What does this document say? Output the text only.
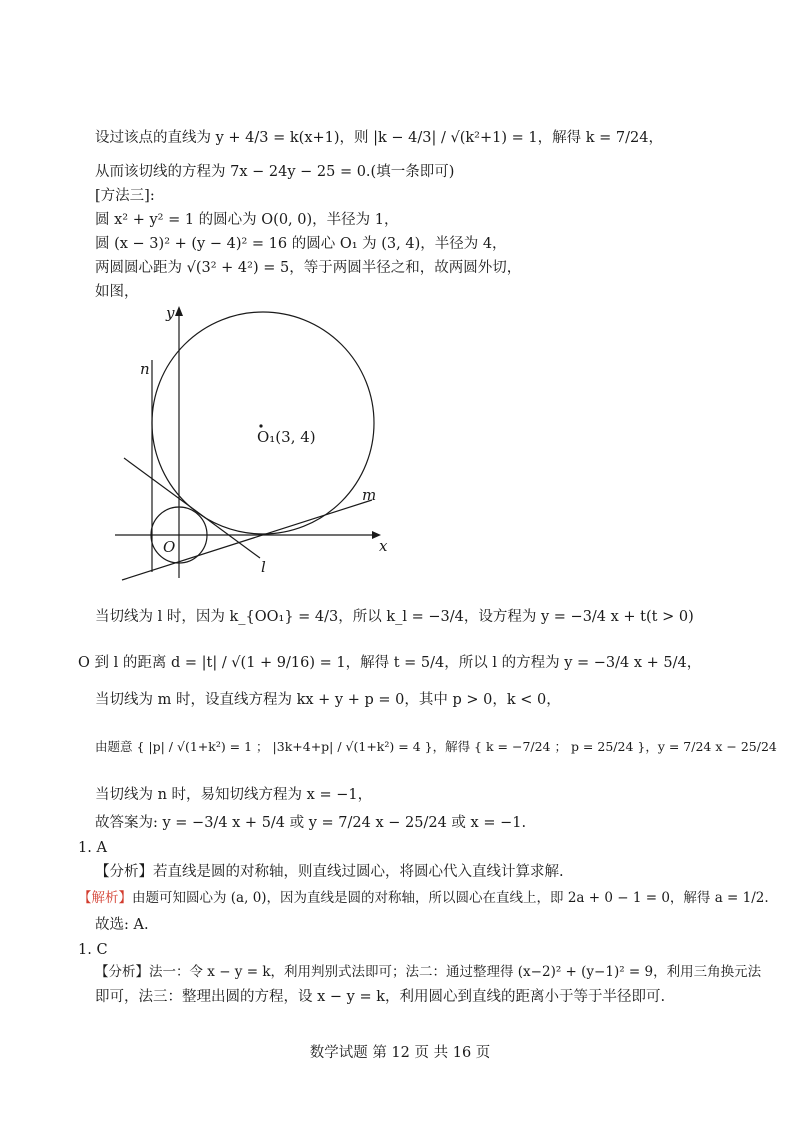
设过该点的直线为 y + 4/3 = k(x+1)，则 |k − 4/3| / √(k²+1) = 1，解得 k = 7/24，
从而该切线的方程为 7x − 24y − 25 = 0.(填一条即可)
[方法三]:
圆 x² + y² = 1 的圆心为 O(0, 0)，半径为 1，
圆 (x − 3)² + (y − 4)² = 16 的圆心 O₁ 为 (3, 4)，半径为 4，
两圆圆心距为 √(3² + 4²) = 5，等于两圆半径之和，故两圆外切，
如图，
y
x
n
m
l
O
O₁(3, 4)
当切线为 l 时，因为 k_{OO₁} = 4/3，所以 k_l = −3/4，设方程为 y = −3/4 x + t(t > 0)
O 到 l 的距离 d = |t| / √(1 + 9/16) = 1，解得 t = 5/4，所以 l 的方程为 y = −3/4 x + 5/4，
当切线为 m 时，设直线方程为 kx + y + p = 0，其中 p > 0，k < 0，
由题意 { |p| / √(1+k²) = 1 ； |3k+4+p| / √(1+k²) = 4 }，解得 { k = −7/24 ； p = 25/24 }，y = 7/24 x − 25/24
当切线为 n 时，易知切线方程为 x = −1，
故答案为: y = −3/4 x + 5/4 或 y = 7/24 x − 25/24 或 x = −1.
1. A
【分析】若直线是圆的对称轴，则直线过圆心，将圆心代入直线计算求解.
【解析】由题可知圆心为 (a, 0)，因为直线是圆的对称轴，所以圆心在直线上，即 2a + 0 − 1 = 0，解得 a = 1/2.
故选: A.
1. C
【分析】法一：令 x − y = k，利用判别式法即可；法二：通过整理得 (x−2)² + (y−1)² = 9，利用三角换元法
即可，法三：整理出圆的方程，设 x − y = k，利用圆心到直线的距离小于等于半径即可.
数学试题 第 12 页 共 16 页
